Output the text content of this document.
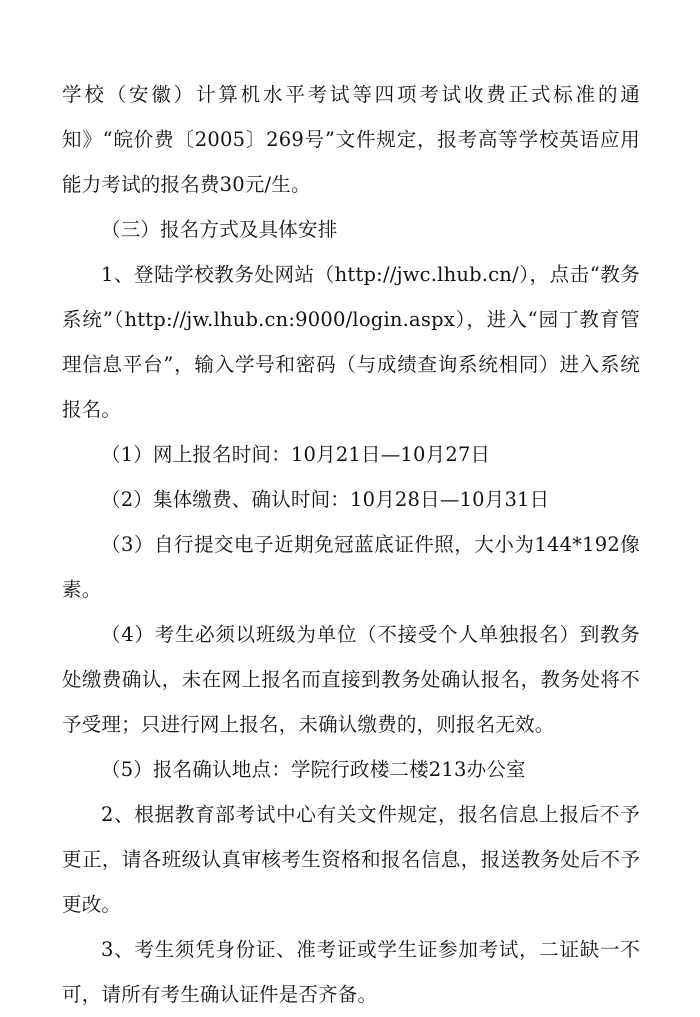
学校（安徽）计算机水平考试等四项考试收费正式标准的通知》“皖价费〔2005〕269号”文件规定，报考高等学校英语应用能力考试的报名费30元/生。

（三）报名方式及具体安排

1、登陆学校教务处网站（http://jwc.lhub.cn/），点击“教务系统”（http://jw.lhub.cn:9000/login.aspx），进入“园丁教育管理信息平台”，输入学号和密码（与成绩查询系统相同）进入系统报名。

（1）网上报名时间：10月21日—10月27日

（2）集体缴费、确认时间：10月28日—10月31日

（3）自行提交电子近期免冠蓝底证件照，大小为144*192像素。

（4）考生必须以班级为单位（不接受个人单独报名）到教务处缴费确认，未在网上报名而直接到教务处确认报名，教务处将不予受理；只进行网上报名，未确认缴费的，则报名无效。

（5）报名确认地点：学院行政楼二楼213办公室

2、根据教育部考试中心有关文件规定，报名信息上报后不予更正，请各班级认真审核考生资格和报名信息，报送教务处后不予更改。

3、考生须凭身份证、准考证或学生证参加考试，二证缺一不可，请所有考生确认证件是否齐备。
